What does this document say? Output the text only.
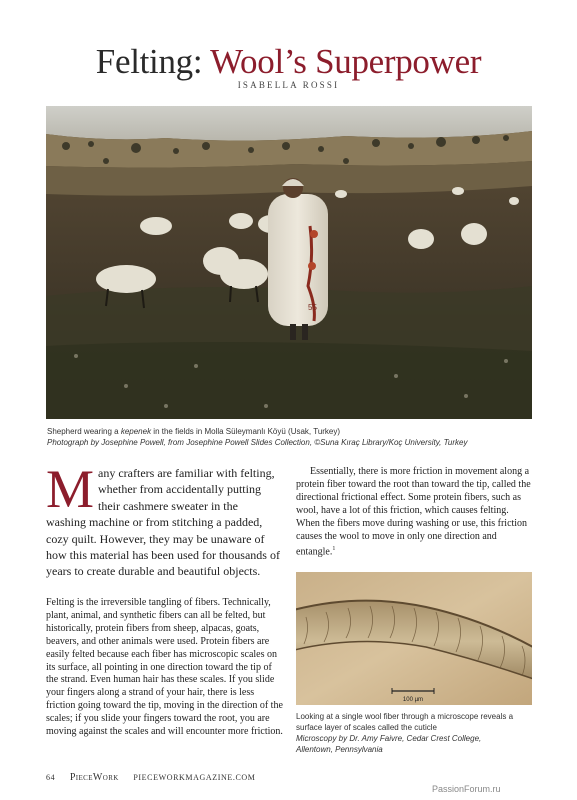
Felting: Wool’s Superpower
ISABELLA ROSSI
55
Shepherd wearing a kepenek in the fields in Molla Süleymanlı Köyü (Usak, Turkey)
Photograph by Josephine Powell, from Josephine Powell Slides Collection, ©Suna Kıraç Library/Koç University, Turkey
Many crafters are familiar with felting, whether from accidentally putting their cashmere sweater in the washing machine or from stitching a padded, cozy quilt. However, they may be unaware of how this material has been used for thousands of years to create durable and beautiful objects.
Felting is the irreversible tangling of fibers. Technically, plant, animal, and synthetic fibers can all be felted, but historically, protein fibers from sheep, alpacas, goats, beavers, and other animals were used. Protein fibers are easily felted because each fiber has microscopic scales on its surface, all pointing in one direction toward the tip of the strand. Even human hair has these scales. If you slide your fingers along a strand of your hair, there is less friction going toward the tip, moving in the direction of the scales; if you slide your fingers toward the root, you are moving against the scales and will encounter more friction.
Essentially, there is more friction in movement along a protein fiber toward the root than toward the tip, called the directional frictional effect. Some protein fibers, such as wool, have a lot of this friction, which causes felting. When the fibers move during washing or use, this friction causes the wool to move in only one direction and entangle.$^1$
100 µm
Looking at a single wool fiber through a microscope reveals a surface layer of scales called the cuticle
Microscopy by Dr. Amy Faivre, Cedar Crest College,
Allentown, Pennsylvania
64 PieceWork PIECEWORKMAGAZINE.COM
PassionForum.ru
